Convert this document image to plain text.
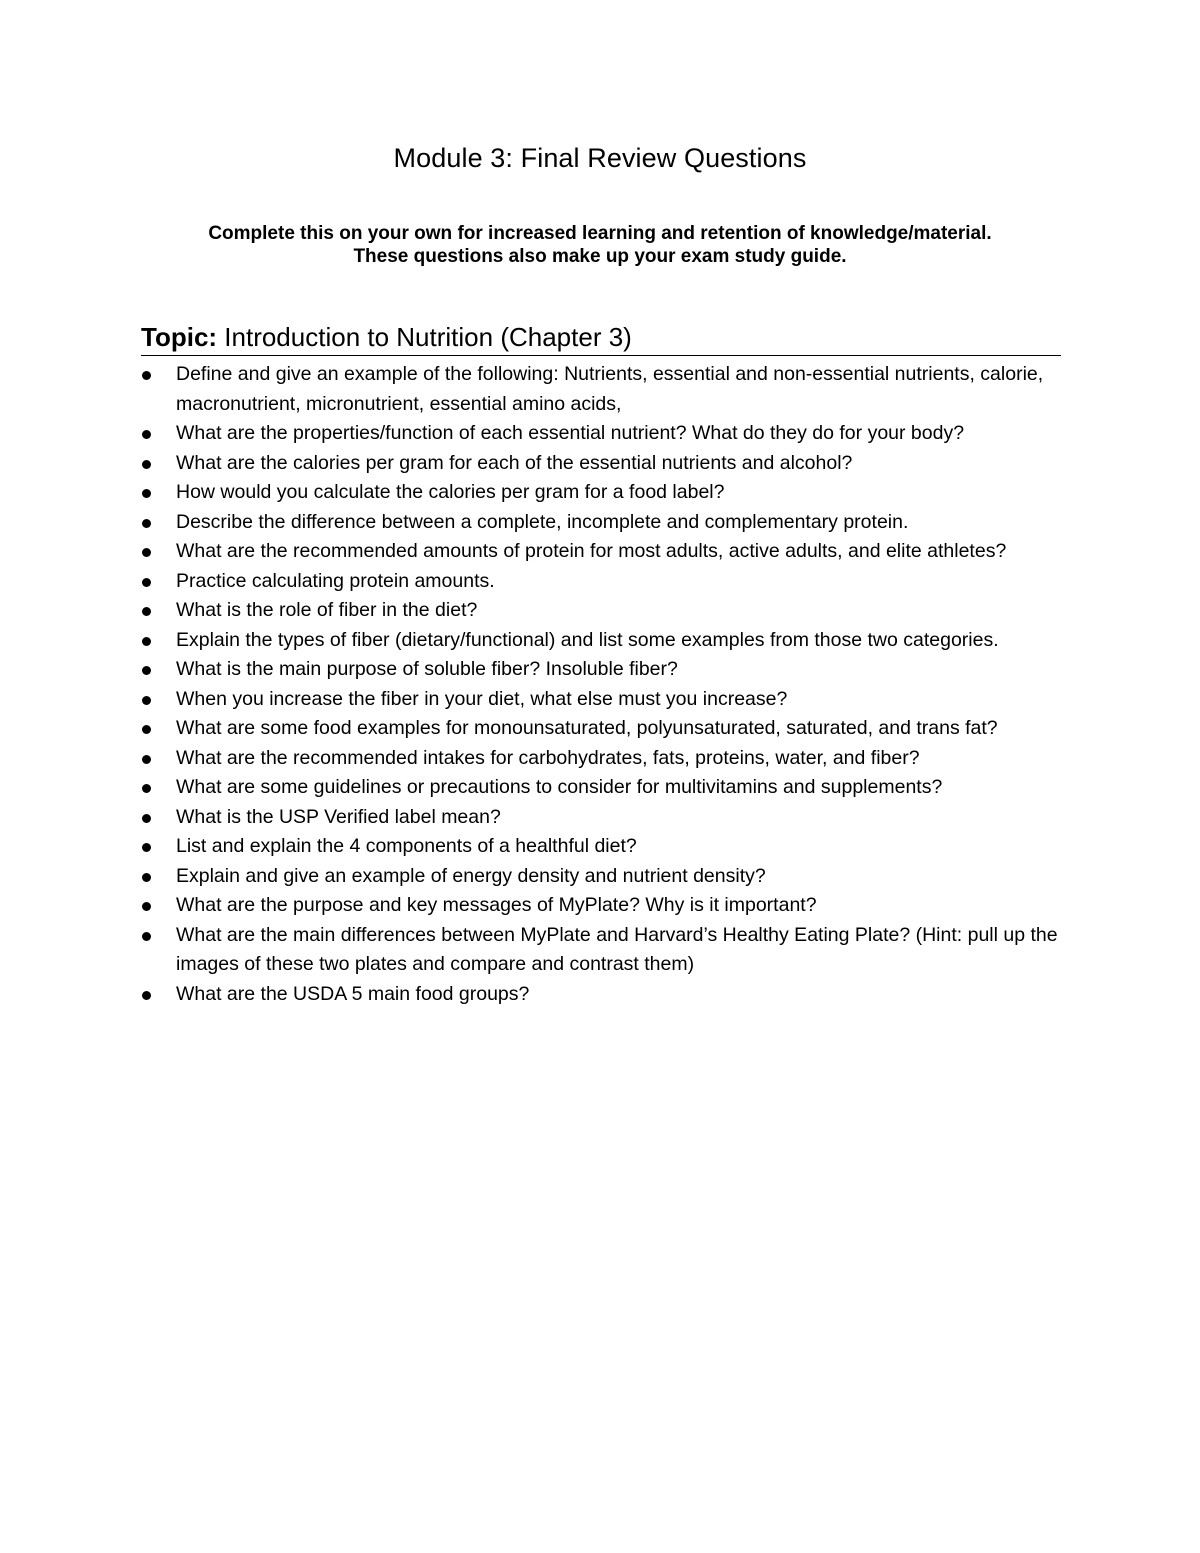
Module 3: Final Review Questions

Complete this on your own for increased learning and retention of knowledge/material.
These questions also make up your exam study guide.

Topic: Introduction to Nutrition (Chapter 3)
Define and give an example of the following: Nutrients, essential and non-essential nutrients, calorie, macronutrient, micronutrient, essential amino acids,
What are the properties/function of each essential nutrient? What do they do for your body?
What are the calories per gram for each of the essential nutrients and alcohol?
How would you calculate the calories per gram for a food label?
Describe the difference between a complete, incomplete and complementary protein.
What are the recommended amounts of protein for most adults, active adults, and elite athletes?
Practice calculating protein amounts.
What is the role of fiber in the diet?
Explain the types of fiber (dietary/functional) and list some examples from those two categories.
What is the main purpose of soluble fiber? Insoluble fiber?
When you increase the fiber in your diet, what else must you increase?
What are some food examples for monounsaturated, polyunsaturated, saturated, and trans fat?
What are the recommended intakes for carbohydrates, fats, proteins, water, and fiber?
What are some guidelines or precautions to consider for multivitamins and supplements?
What is the USP Verified label mean?
List and explain the 4 components of a healthful diet?
Explain and give an example of energy density and nutrient density?
What are the purpose and key messages of MyPlate? Why is it important?
What are the main differences between MyPlate and Harvard’s Healthy Eating Plate? (Hint: pull up the images of these two plates and compare and contrast them)
What are the USDA 5 main food groups?
